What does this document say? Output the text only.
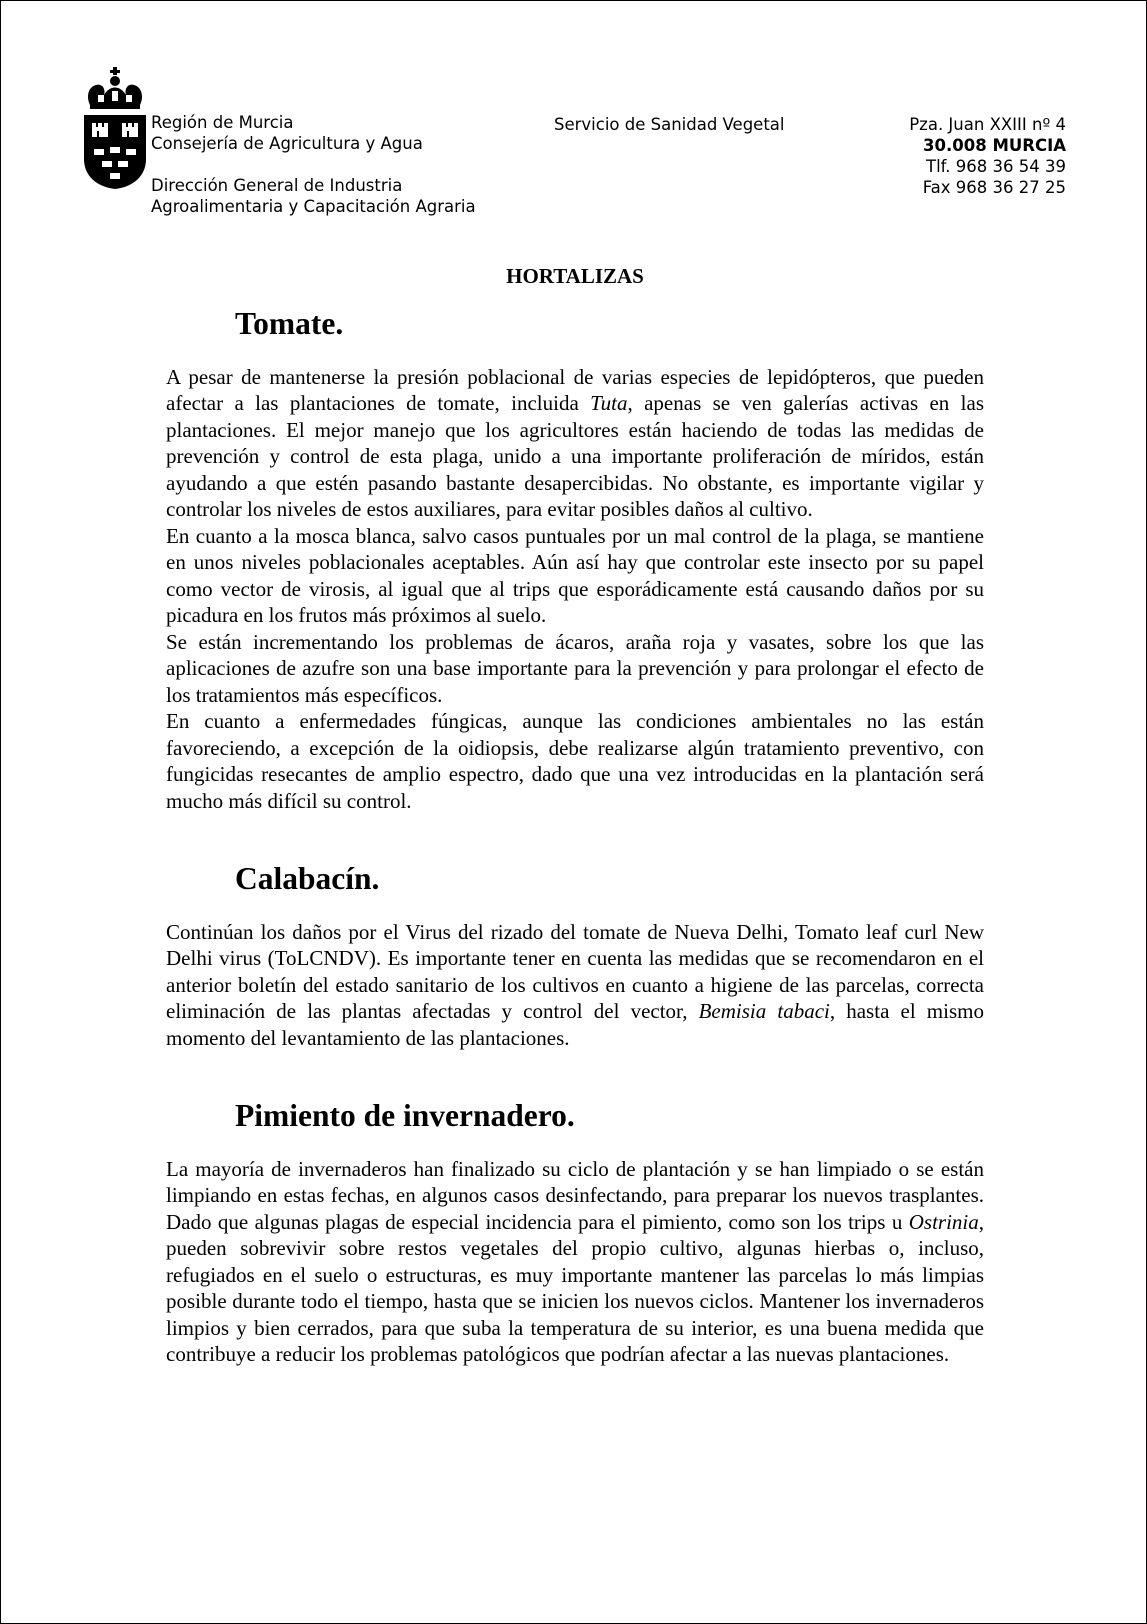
Región de Murcia
Consejería de Agricultura y Agua
Dirección General de Industria
Agroalimentaria y Capacitación Agraria
Servicio de Sanidad Vegetal	Pza. Juan XXIII nº 4
30.008 MURCIA
Tlf. 968 36 54 39
Fax 968 36 27 25
HORTALIZAS
Tomate.

A pesar de mantenerse la presión poblacional de varias especies de lepidópteros, que pueden afectar a las plantaciones de tomate, incluida Tuta, apenas se ven galerías activas en las plantaciones. El mejor manejo que los agricultores están haciendo de todas las medidas de prevención y control de esta plaga, unido a una importante proliferación de míridos, están ayudando a que estén pasando bastante desapercibidas. No obstante, es importante vigilar y controlar los niveles de estos auxiliares, para evitar posibles daños al cultivo.

En cuanto a la mosca blanca, salvo casos puntuales por un mal control de la plaga, se mantiene en unos niveles poblacionales aceptables. Aún así hay que controlar este insecto por su papel como vector de virosis, al igual que al trips que esporádicamente está causando daños por su picadura en los frutos más próximos al suelo.

Se están incrementando los problemas de ácaros, araña roja y vasates, sobre los que las aplicaciones de azufre son una base importante para la prevención y para prolongar el efecto de los tratamientos más específicos.

En cuanto a enfermedades fúngicas, aunque las condiciones ambientales no las están favoreciendo, a excepción de la oidiopsis, debe realizarse algún tratamiento preventivo, con fungicidas resecantes de amplio espectro, dado que una vez introducidas en la plantación será mucho más difícil su control.

Calabacín.

Continúan los daños por el Virus del rizado del tomate de Nueva Delhi, Tomato leaf curl New Delhi virus (ToLCNDV). Es importante tener en cuenta las medidas que se recomendaron en el anterior boletín del estado sanitario de los cultivos en cuanto a higiene de las parcelas, correcta eliminación de las plantas afectadas y control del vector, Bemisia tabaci, hasta el mismo momento del levantamiento de las plantaciones.

Pimiento de invernadero.

La mayoría de invernaderos han finalizado su ciclo de plantación y se han limpiado o se están limpiando en estas fechas, en algunos casos desinfectando, para preparar los nuevos trasplantes. Dado que algunas plagas de especial incidencia para el pimiento, como son los trips u Ostrinia, pueden sobrevivir sobre restos vegetales del propio cultivo, algunas hierbas o, incluso, refugiados en el suelo o estructuras, es muy importante mantener las parcelas lo más limpias posible durante todo el tiempo, hasta que se inicien los nuevos ciclos. Mantener los invernaderos limpios y bien cerrados, para que suba la temperatura de su interior, es una buena medida que contribuye a reducir los problemas patológicos que podrían afectar a las nuevas plantaciones.
